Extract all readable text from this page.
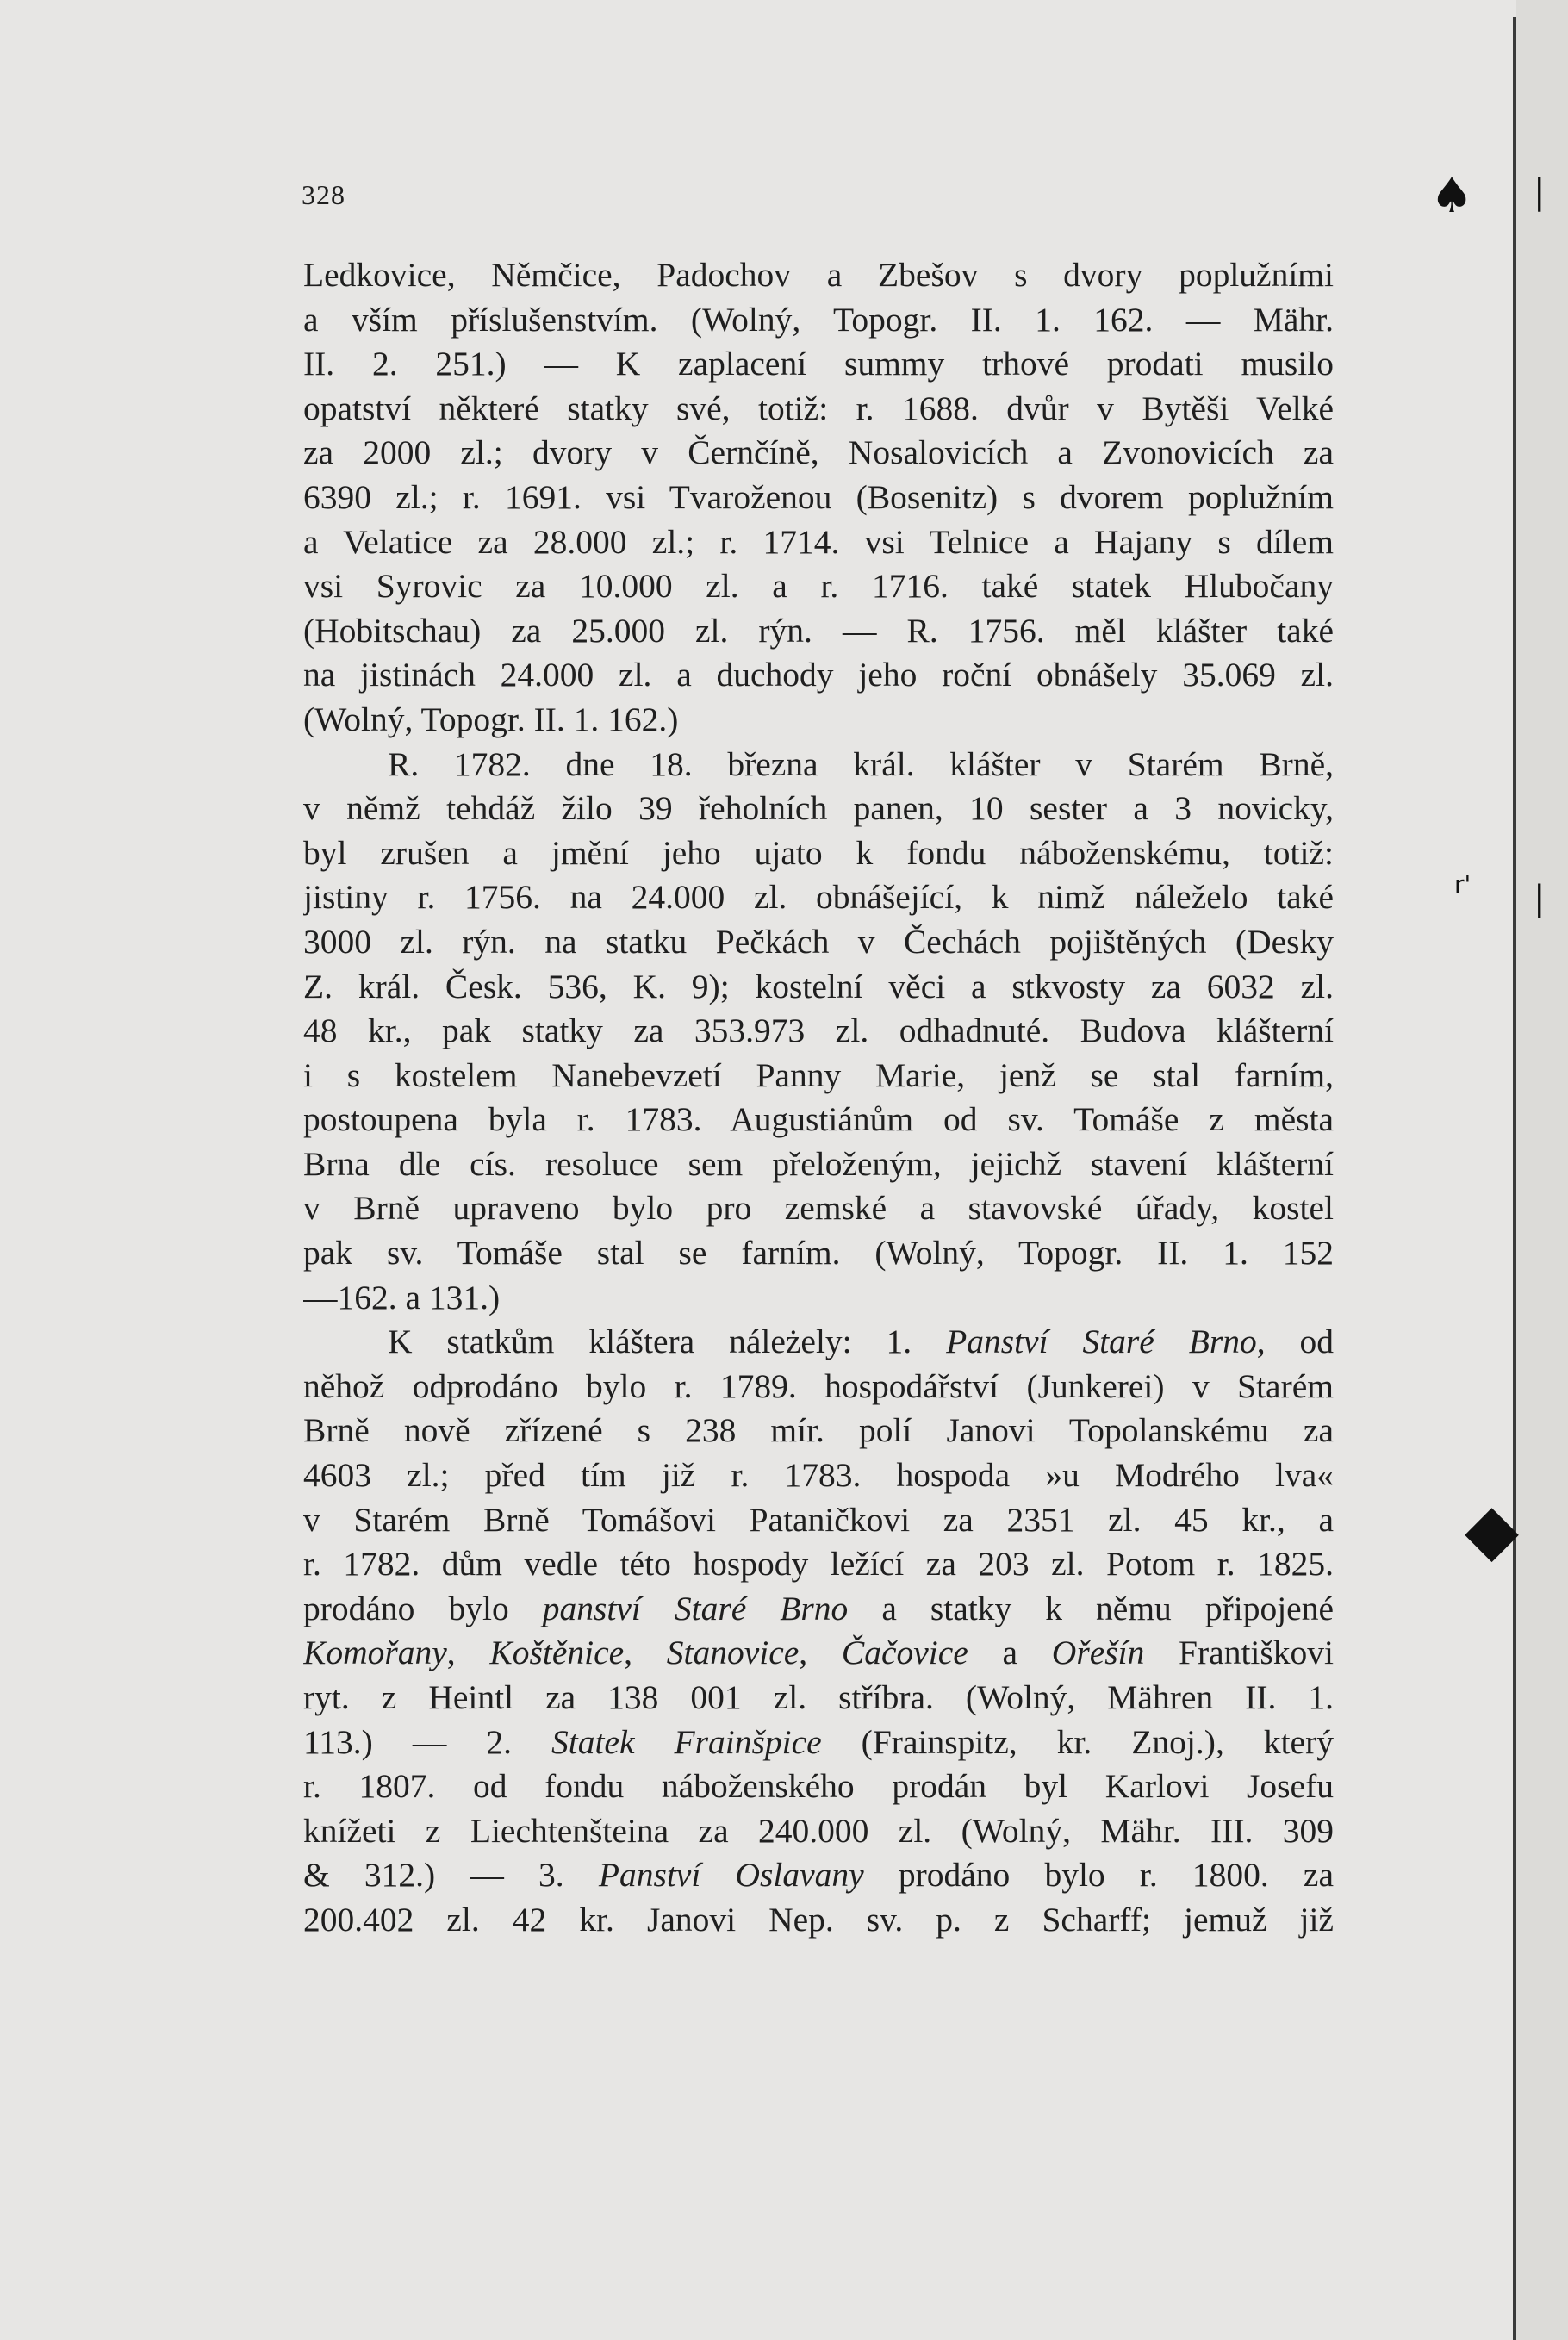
328
Ledkovice, Němčice, Padochov a Zbešov s dvory poplužními
a vším příslušenstvím. (Wolný, Topogr. II. 1. 162. — Mähr.
II. 2. 251.) — K zaplacení summy trhové prodati musilo
opatství některé statky své, totiž: r. 1688. dvůr v Bytěši Velké
za 2000 zl.; dvory v Černčíně, Nosalovicích a Zvonovicích za
6390 zl.; r. 1691. vsi Tvaroženou (Bosenitz) s dvorem poplužním
a Velatice za 28.000 zl.; r. 1714. vsi Telnice a Hajany s dílem
vsi Syrovic za 10.000 zl. a r. 1716. také statek Hlubočany
(Hobitschau) za 25.000 zl. rýn. — R. 1756. měl klášter také
na jistinách 24.000 zl. a duchody jeho roční obnášely 35.069 zl.
(Wolný, Topogr. II. 1. 162.)
R. 1782. dne 18. března král. klášter v Starém Brně,
v němž tehdáž žilo 39 řeholních panen, 10 sester a 3 novicky,
byl zrušen a jmění jeho ujato k fondu náboženskému, totiž:
jistiny r. 1756. na 24.000 zl. obnášející, k nimž náleželo také
3000 zl. rýn. na statku Pečkách v Čechách pojištěných (Desky
Z. král. Česk. 536, K. 9); kostelní věci a stkvosty za 6032 zl.
48 kr., pak statky za 353.973 zl. odhadnuté. Budova klášterní
i s kostelem Nanebevzetí Panny Marie, jenž se stal farním,
postoupena byla r. 1783. Augustiánům od sv. Tomáše z města
Brna dle cís. resoluce sem přeloženým, jejichž stavení klášterní
v Brně upraveno bylo pro zemské a stavovské úřady, kostel
pak sv. Tomáše stal se farním. (Wolný, Topogr. II. 1. 152
—162. a 131.)
K statkům kláštera náleżely: 1. Panství Staré Brno, od
něhož odprodáno bylo r. 1789. hospodářství (Junkerei) v Starém
Brně nově zřízené s 238 mír. polí Janovi Topolanskému za
4603 zl.; před tím již r. 1783. hospoda »u Modrého lva«
v Starém Brně Tomášovi Pataničkovi za 2351 zl. 45 kr., a
r. 1782. dům vedle této hospody ležící za 203 zl. Potom r. 1825.
prodáno bylo panství Staré Brno a statky k němu připojené
Komořany, Koštěnice, Stanovice, Čačovice a Ořešín Františkovi
ryt. z Heintl za 138 001 zl. stříbra. (Wolný, Mähren II. 1.
113.) — 2. Statek Frainšpice (Frainspitz, kr. Znoj.), který
r. 1807. od fondu náboženského prodán byl Karlovi Josefu
knížeti z Liechtenšteina za 240.000 zl. (Wolný, Mähr. III. 309
& 312.) — 3. Panství Oslavany prodáno bylo r. 1800. za
200.402 zl. 42 kr. Janovi Nep. sv. p. z Scharff; jemuž již
♠
◆
r'
|
|
